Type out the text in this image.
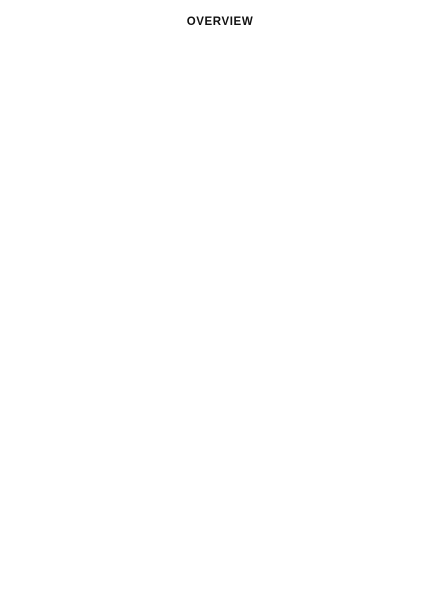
OVERVIEW
